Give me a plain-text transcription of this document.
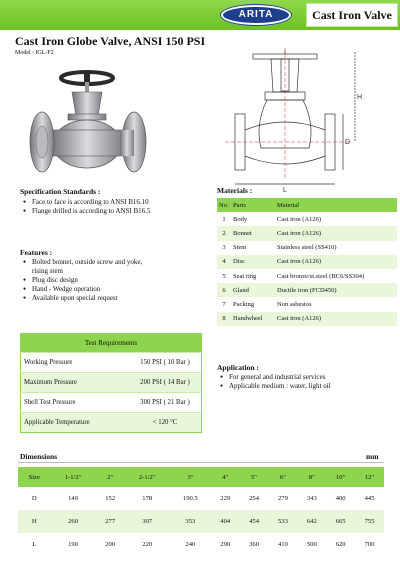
ARITA	Cast Iron Valve
Cast Iron Globe Valve, ANSI 150 PSI
Model : IGL-F2
H
D
L
Specification Standards :
● Face to face is according to ANSI B16.10
● Flange drilled is according to ANSI B16.5
Features :
● Bolted bonnet, outside screw and yoke,
rising stem
● Plug disc design
● Hand - Wedge operation
● Available upon special request
Materials :
No.	Parts	Material
1	Body	Cast iron (A126)
2	Bonnet	Cast iron (A126)
3	Stem	Stainless steel (SS410)
4	Disc	Cast iron (A126)
5	Seat ring	Cast bronze/st.steel (BC6/SS304)
6	Gland	Ductile iron (FCD450)
7	Packing	Non asbestos
8	Handwheel	Cast iron (A126)
Test Requirements	
Working Pressure	150 PSI ( 10 Bar )
Maximum Pressure	200 PSI ( 14 Bar )
Shell Test Pressure	300 PSI ( 21 Bar )
Applicable Temperature	< 120 °C
Application :
● For general and industrial services
● Applicable medium : water, light oil
Dimensions	mm
Size	1-1/2″	2″	2-1/2″	3″	4″	5″	6″	8″	10″	12″
D	140	152	178	190.5	229	254	279	343	400	445
H	260	277	307	353	404	454	533	642	665	755
L	190	200	220	240	290	360	410	500	620	700
